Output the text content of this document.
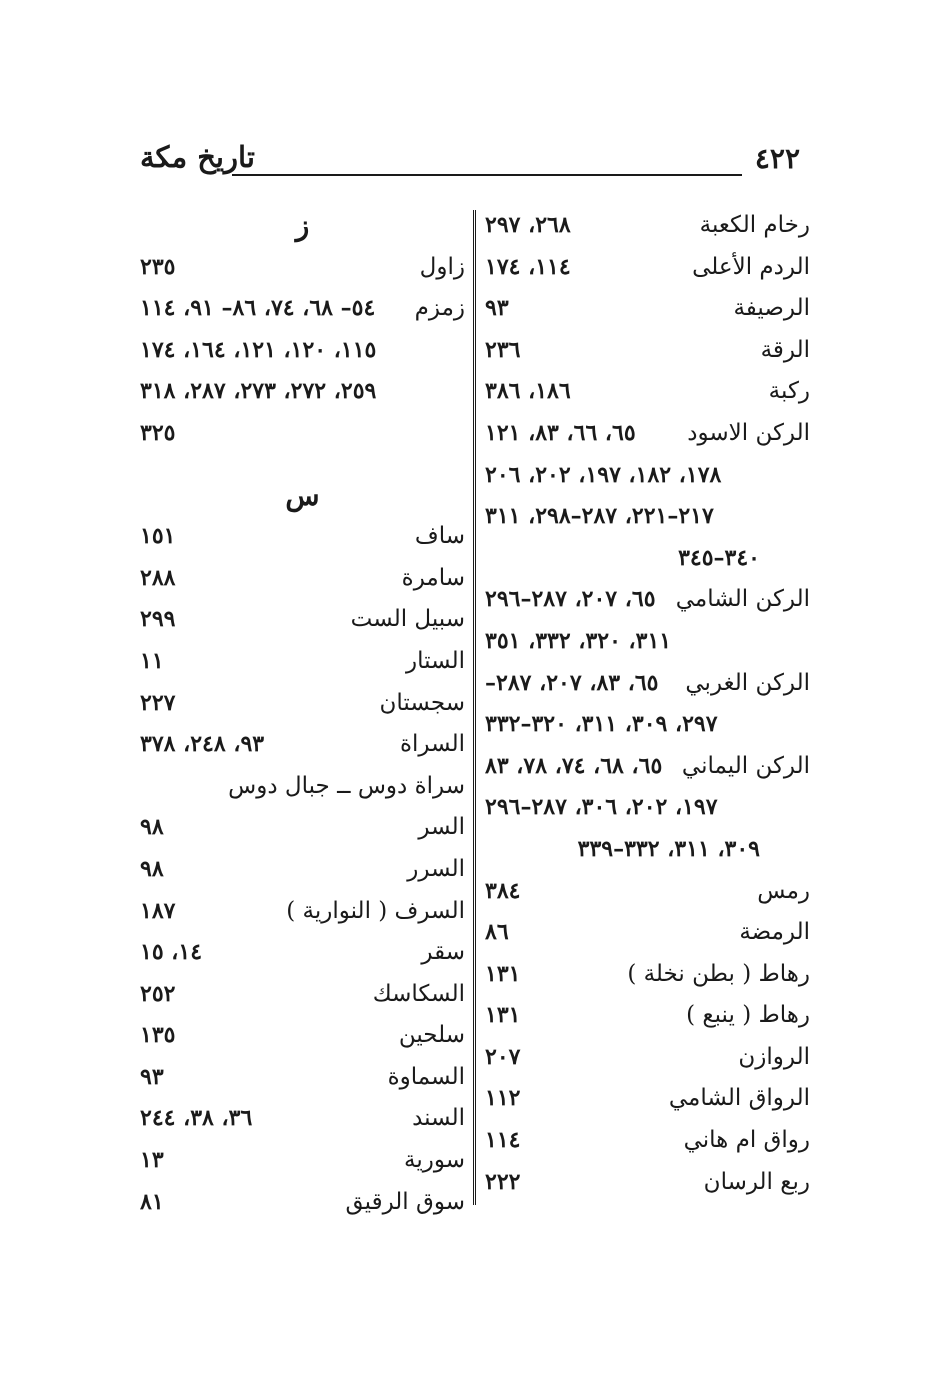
٤٢٢
تاريخ مكة
رخام الكعبة
٢٦٨، ٢٩٧
الردم الأعلى
١١٤، ١٧٤
الرصيفة
٩٣
الرقة
٢٣٦
ركبة
١٨٦، ٣٨٦
الركن الاسود
٦٥، ٦٦، ٨٣، ١٢١
١٧٨، ١٨٢، ١٩٧، ٢٠٢، ٢٠٦
٢١٧–٢٢١، ٢٨٧–٢٩٨، ٣١١
٣٤٠–٣٤٥
الركن الشامي
٦٥، ٢٠٧، ٢٨٧–٢٩٦
٣١١، ٣٢٠، ٣٣٢، ٣٥١
الركن الغربي
٦٥، ٨٣، ٢٠٧، ٢٨٧–
٢٩٧، ٣٠٩، ٣١١، ٣٢٠–٣٣٢
الركن اليماني
٦٥، ٦٨، ٧٤، ٧٨، ٨٣
١٩٧، ٢٠٢، ٣٠٦، ٢٨٧–٢٩٦
٣٠٩، ٣١١، ٣٣٢–٣٣٩
رمس
٣٨٤
الرمضة
٨٦
رهاط ( بطن نخلة )
١٣١
رهاط ( ينبع )
١٣١
الروازن
٢٠٧
الرواق الشامي
١١٢
رواق ام هاني
١١٤
ربع الرسان
٢٢٢
ز
زاول
٢٣٥
زمزم
٥٤– ٦٨، ٧٤، ٨٦– ٩١، ١١٤
١١٥، ١٢٠، ١٢١، ١٦٤، ١٧٤
٢٥٩، ٢٧٢، ٢٧٣، ٢٨٧، ٣١٨
٣٢٥
س
ساف
١٥١
سامرة
٢٨٨
سبيل الست
٢٩٩
الستار
١١
سجستان
٢٢٧
السراة
٩٣، ٢٤٨، ٣٧٨
سراة دوس ــ جبال دوس
السر
٩٨
السرر
٩٨
السرف ( النوارية )
١٨٧
سقر
١٤، ١٥
السكاسك
٢٥٢
سلحين
١٣٥
السماوة
٩٣
السند
٣٦، ٣٨، ٢٤٤
سورية
١٣
سوق الرقيق
٨١
